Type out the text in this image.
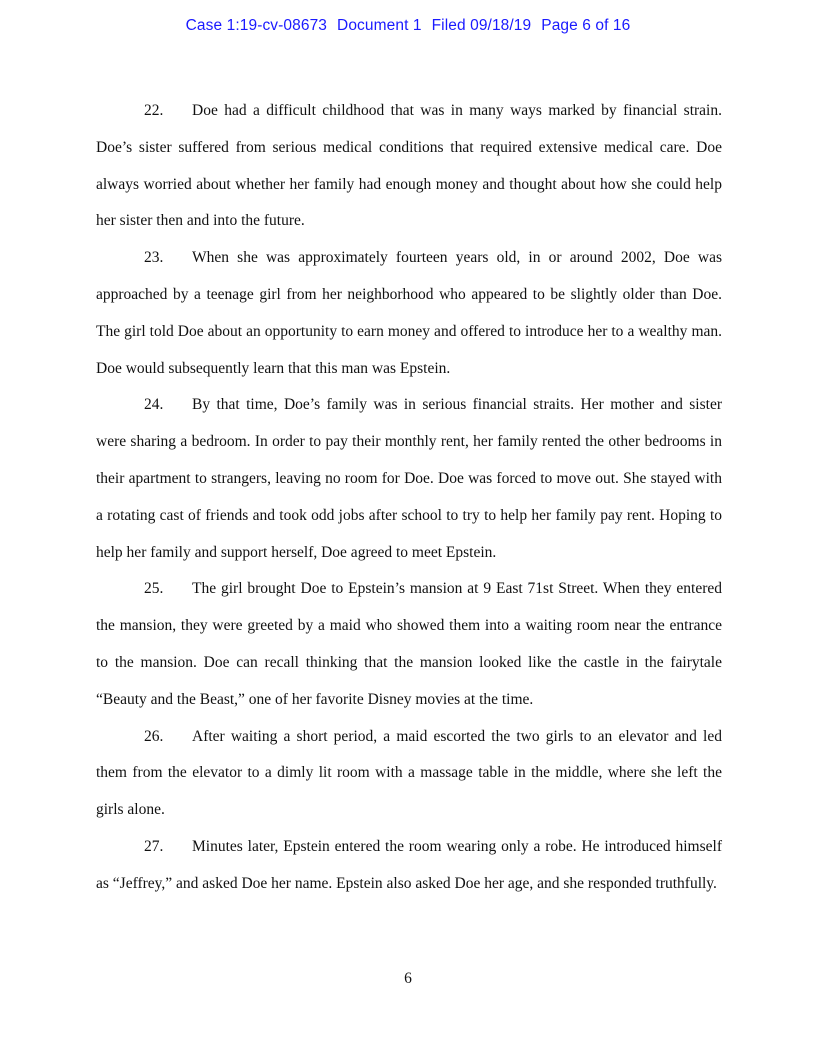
Case 1:19-cv-08673 Document 1 Filed 09/18/19 Page 6 of 16

22. Doe had a difficult childhood that was in many ways marked by financial strain. Doe’s sister suffered from serious medical conditions that required extensive medical care. Doe always worried about whether her family had enough money and thought about how she could help her sister then and into the future.

23. When she was approximately fourteen years old, in or around 2002, Doe was approached by a teenage girl from her neighborhood who appeared to be slightly older than Doe. The girl told Doe about an opportunity to earn money and offered to introduce her to a wealthy man. Doe would subsequently learn that this man was Epstein.

24. By that time, Doe’s family was in serious financial straits. Her mother and sister were sharing a bedroom. In order to pay their monthly rent, her family rented the other bedrooms in their apartment to strangers, leaving no room for Doe. Doe was forced to move out. She stayed with a rotating cast of friends and took odd jobs after school to try to help her family pay rent. Hoping to help her family and support herself, Doe agreed to meet Epstein.

25. The girl brought Doe to Epstein’s mansion at 9 East 71st Street. When they entered the mansion, they were greeted by a maid who showed them into a waiting room near the entrance to the mansion. Doe can recall thinking that the mansion looked like the castle in the fairytale “Beauty and the Beast,” one of her favorite Disney movies at the time.

26. After waiting a short period, a maid escorted the two girls to an elevator and led them from the elevator to a dimly lit room with a massage table in the middle, where she left the girls alone.

27. Minutes later, Epstein entered the room wearing only a robe. He introduced himself as “Jeffrey,” and asked Doe her name. Epstein also asked Doe her age, and she responded truthfully.

6
